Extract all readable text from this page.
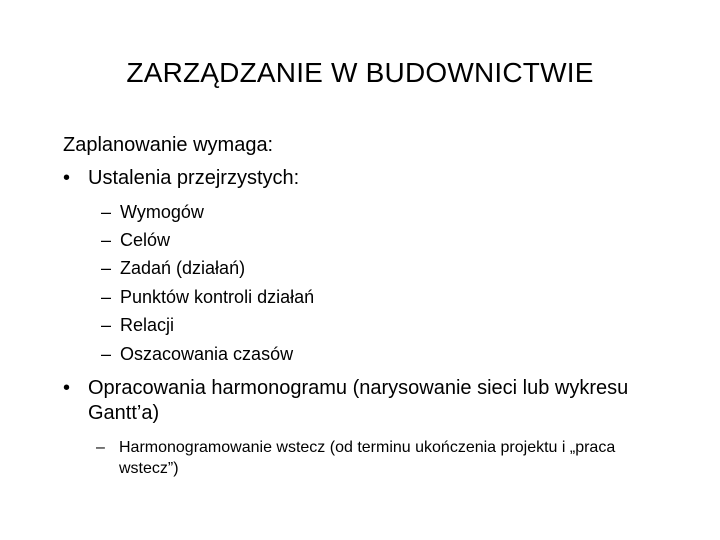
ZARZĄDZANIE W BUDOWNICTWIE
Zaplanowanie wymaga:
• Ustalenia przejrzystych:
– Wymogów
– Celów
– Zadań (działań)
– Punktów kontroli działań
– Relacji
– Oszacowania czasów
• Opracowania harmonogramu (narysowanie sieci lub wykresu Gantt’a)
– Harmonogramowanie wstecz (od terminu ukończenia projektu i „praca wstecz”)
